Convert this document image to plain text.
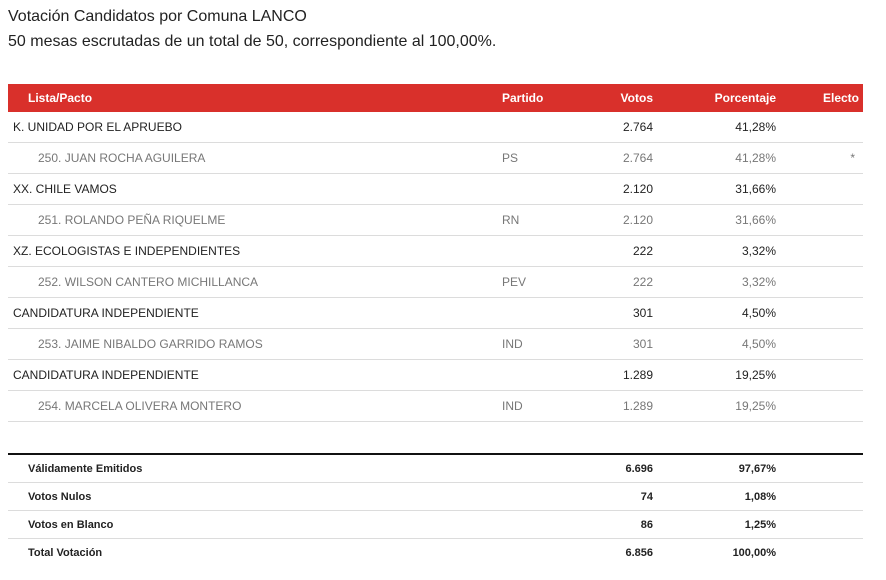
Votación Candidatos por Comuna LANCO
50 mesas escrutadas de un total de 50, correspondiente al 100,00%.
Lista/Pacto	Partido	Votos	Porcentaje	Electo
K. UNIDAD POR EL APRUEBO		2.764	41,28%	
250. JUAN ROCHA AGUILERA	PS	2.764	41,28%	*
XX. CHILE VAMOS		2.120	31,66%	
251. ROLANDO PEÑA RIQUELME	RN	2.120	31,66%	
XZ. ECOLOGISTAS E INDEPENDIENTES		222	3,32%	
252. WILSON CANTERO MICHILLANCA	PEV	222	3,32%	
CANDIDATURA INDEPENDIENTE		301	4,50%	
253. JAIME NIBALDO GARRIDO RAMOS	IND	301	4,50%	
CANDIDATURA INDEPENDIENTE		1.289	19,25%	
254. MARCELA OLIVERA MONTERO	IND	1.289	19,25%	
Válidamente Emitidos		6.696	97,67%	
Votos Nulos		74	1,08%	
Votos en Blanco		86	1,25%	
Total Votación		6.856	100,00%	
